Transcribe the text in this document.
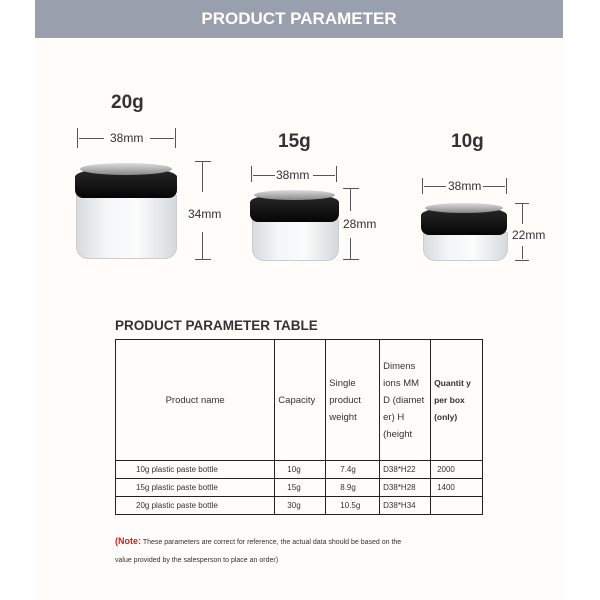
PRODUCT PARAMETER
20g
38mm
34mm
15g
38mm
28mm
10g
38mm
22mm
PRODUCT PARAMETER TABLE
Product name	Capacity	Single product weight	Dimens ions MM D (diamet er) H (height	Quantit y per box (only)
10g plastic paste bottle	10g	7.4g	D38*H22	2000
15g plastic paste bottle	15g	8.9g	D38*H28	1400
20g plastic paste bottle	30g	10.5g	D38*H34	
(Note: These parameters are correct for reference, the actual data should be based on the value provided by the salesperson to place an order)
